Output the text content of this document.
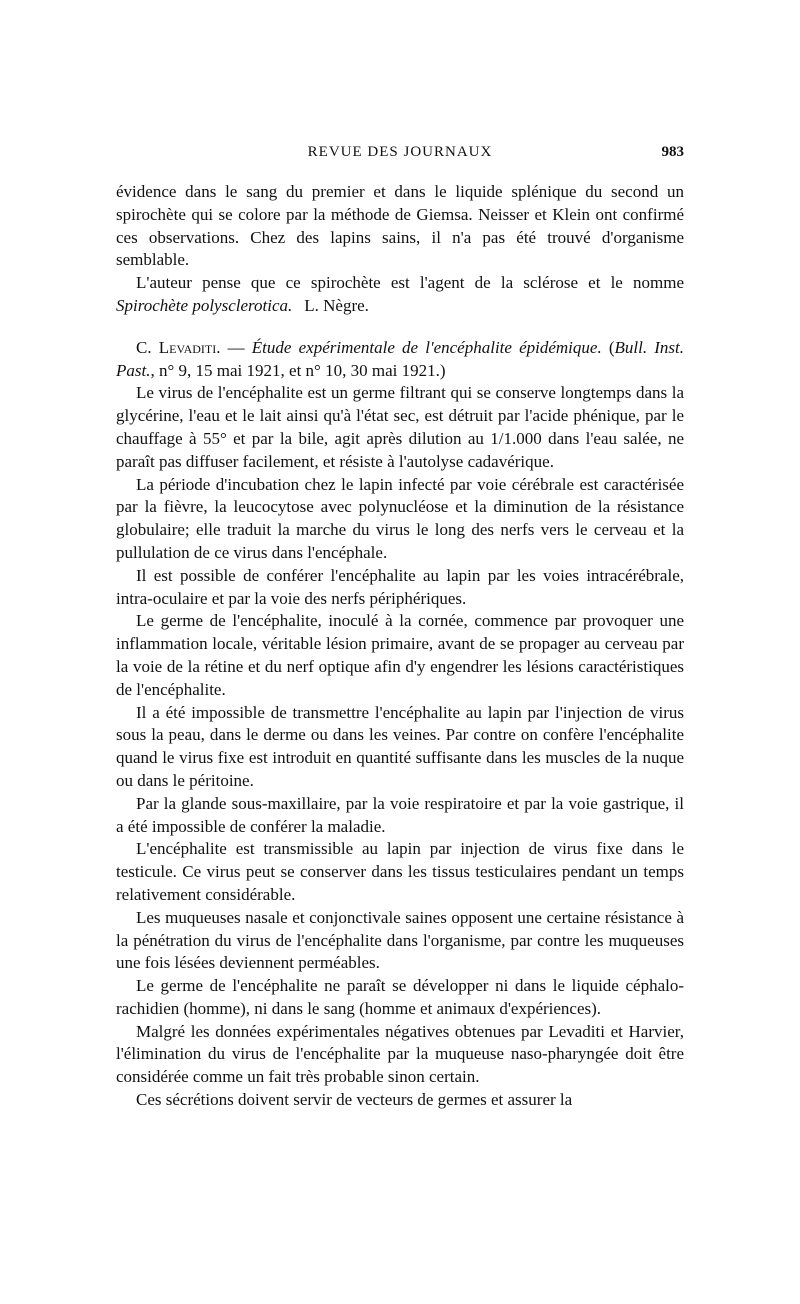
REVUE DES JOURNAUX	983

évidence dans le sang du premier et dans le liquide splénique du second un spirochète qui se colore par la méthode de Giemsa. Neisser et Klein ont confirmé ces observations. Chez des lapins sains, il n'a pas été trouvé d'organisme semblable.

L'auteur pense que ce spirochète est l'agent de la sclérose et le nomme Spirochète polysclerotica. L. Nègre.

C. Levaditi. — Étude expérimentale de l'encéphalite épidémique. (Bull. Inst. Past., n° 9, 15 mai 1921, et n° 10, 30 mai 1921.)

Le virus de l'encéphalite est un germe filtrant qui se conserve longtemps dans la glycérine, l'eau et le lait ainsi qu'à l'état sec, est détruit par l'acide phénique, par le chauffage à 55° et par la bile, agit après dilution au 1/1.000 dans l'eau salée, ne paraît pas diffuser facilement, et résiste à l'autolyse cadavérique.

La période d'incubation chez le lapin infecté par voie cérébrale est caractérisée par la fièvre, la leucocytose avec polynucléose et la diminution de la résistance globulaire; elle traduit la marche du virus le long des nerfs vers le cerveau et la pullulation de ce virus dans l'encéphale.

Il est possible de conférer l'encéphalite au lapin par les voies intracérébrale, intra-oculaire et par la voie des nerfs périphériques.

Le germe de l'encéphalite, inoculé à la cornée, commence par provoquer une inflammation locale, véritable lésion primaire, avant de se propager au cerveau par la voie de la rétine et du nerf optique afin d'y engendrer les lésions caractéristiques de l'encéphalite.

Il a été impossible de transmettre l'encéphalite au lapin par l'injection de virus sous la peau, dans le derme ou dans les veines. Par contre on confère l'encéphalite quand le virus fixe est introduit en quantité suffisante dans les muscles de la nuque ou dans le péritoine.

Par la glande sous-maxillaire, par la voie respiratoire et par la voie gastrique, il a été impossible de conférer la maladie.

L'encéphalite est transmissible au lapin par injection de virus fixe dans le testicule. Ce virus peut se conserver dans les tissus testiculaires pendant un temps relativement considérable.

Les muqueuses nasale et conjonctivale saines opposent une certaine résistance à la pénétration du virus de l'encéphalite dans l'organisme, par contre les muqueuses une fois lésées deviennent perméables.

Le germe de l'encéphalite ne paraît se développer ni dans le liquide céphalo-rachidien (homme), ni dans le sang (homme et animaux d'expériences).

Malgré les données expérimentales négatives obtenues par Levaditi et Harvier, l'élimination du virus de l'encéphalite par la muqueuse naso-pharyngée doit être considérée comme un fait très probable sinon certain.

Ces sécrétions doivent servir de vecteurs de germes et assurer la
